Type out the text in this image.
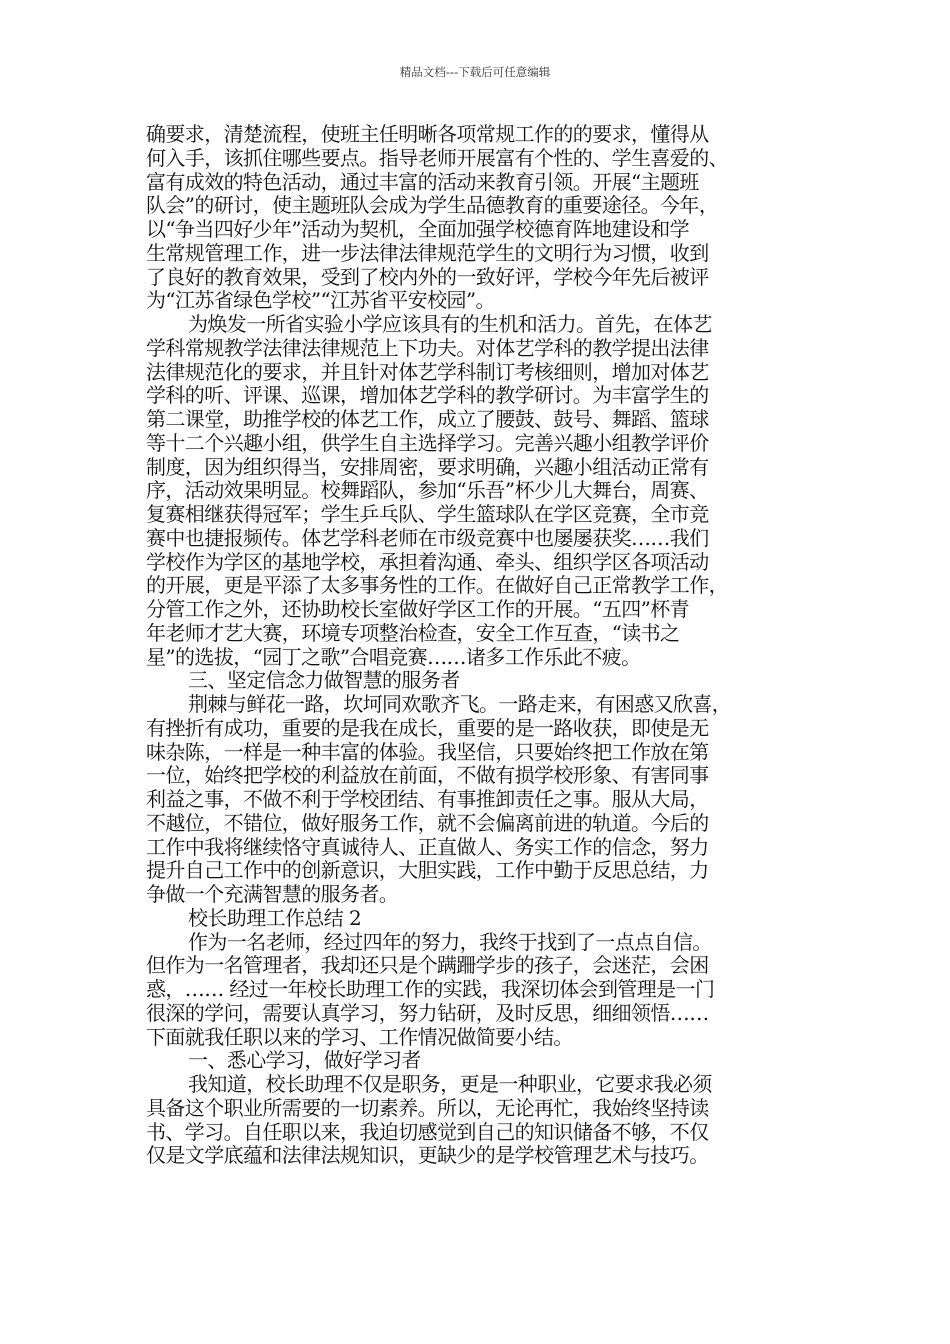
精品文档---下载后可任意编辑
确要求，清楚流程，使班主任明晰各项常规工作的的要求，懂得从
何入手，该抓住哪些要点。指导老师开展富有个性的、学生喜爱的、
富有成效的特色活动，通过丰富的活动来教育引领。开展“主题班
队会”的研讨，使主题班队会成为学生品德教育的重要途径。今年，
以“争当四好少年”活动为契机，全面加强学校德育阵地建设和学
生常规管理工作，进一步法律法律规范学生的文明行为习惯，收到
了良好的教育效果，受到了校内外的一致好评，学校今年先后被评
为“江苏省绿色学校”“江苏省平安校园”。
为焕发一所省实验小学应该具有的生机和活力。首先，在体艺
学科常规教学法律法律规范上下功夫。对体艺学科的教学提出法律
法律规范化的要求，并且针对体艺学科制订考核细则，增加对体艺
学科的听、评课、巡课，增加体艺学科的教学研讨。为丰富学生的
第二课堂，助推学校的体艺工作，成立了腰鼓、鼓号、舞蹈、篮球
等十二个兴趣小组，供学生自主选择学习。完善兴趣小组教学评价
制度，因为组织得当，安排周密，要求明确，兴趣小组活动正常有
序，活动效果明显。校舞蹈队，参加“乐吾”杯少儿大舞台，周赛、
复赛相继获得冠军；学生乒乓队、学生篮球队在学区竞赛，全市竞
赛中也捷报频传。体艺学科老师在市级竞赛中也屡屡获奖……我们
学校作为学区的基地学校，承担着沟通、牵头、组织学区各项活动
的开展，更是平添了太多事务性的工作。在做好自己正常教学工作，
分管工作之外，还协助校长室做好学区工作的开展。“五四”杯青
年老师才艺大赛，环境专项整治检查，安全工作互查，“读书之
星”的选拔，“园丁之歌”合唱竞赛……诸多工作乐此不疲。
三、坚定信念力做智慧的服务者
荆棘与鲜花一路，坎坷同欢歌齐飞。一路走来，有困惑又欣喜，
有挫折有成功，重要的是我在成长，重要的是一路收获，即使是无
味杂陈，一样是一种丰富的体验。我坚信，只要始终把工作放在第
一位，始终把学校的利益放在前面，不做有损学校形象、有害同事
利益之事，不做不利于学校团结、有事推卸责任之事。服从大局，
不越位，不错位，做好服务工作，就不会偏离前进的轨道。今后的
工作中我将继续恪守真诚待人、正直做人、务实工作的信念，努力
提升自己工作中的创新意识，大胆实践，工作中勤于反思总结，力
争做一个充满智慧的服务者。
校长助理工作总结 2
作为一名老师，经过四年的努力，我终于找到了一点点自信。
但作为一名管理者，我却还只是个蹒跚学步的孩子，会迷茫，会困
惑，…… 经过一年校长助理工作的实践，我深切体会到管理是一门
很深的学问，需要认真学习，努力钻研，及时反思，细细领悟……
下面就我任职以来的学习、工作情况做简要小结。
一、悉心学习，做好学习者
我知道，校长助理不仅是职务，更是一种职业，它要求我必须
具备这个职业所需要的一切素养。所以，无论再忙，我始终坚持读
书、学习。自任职以来，我迫切感觉到自己的知识储备不够，不仅
仅是文学底蕴和法律法规知识，更缺少的是学校管理艺术与技巧。
